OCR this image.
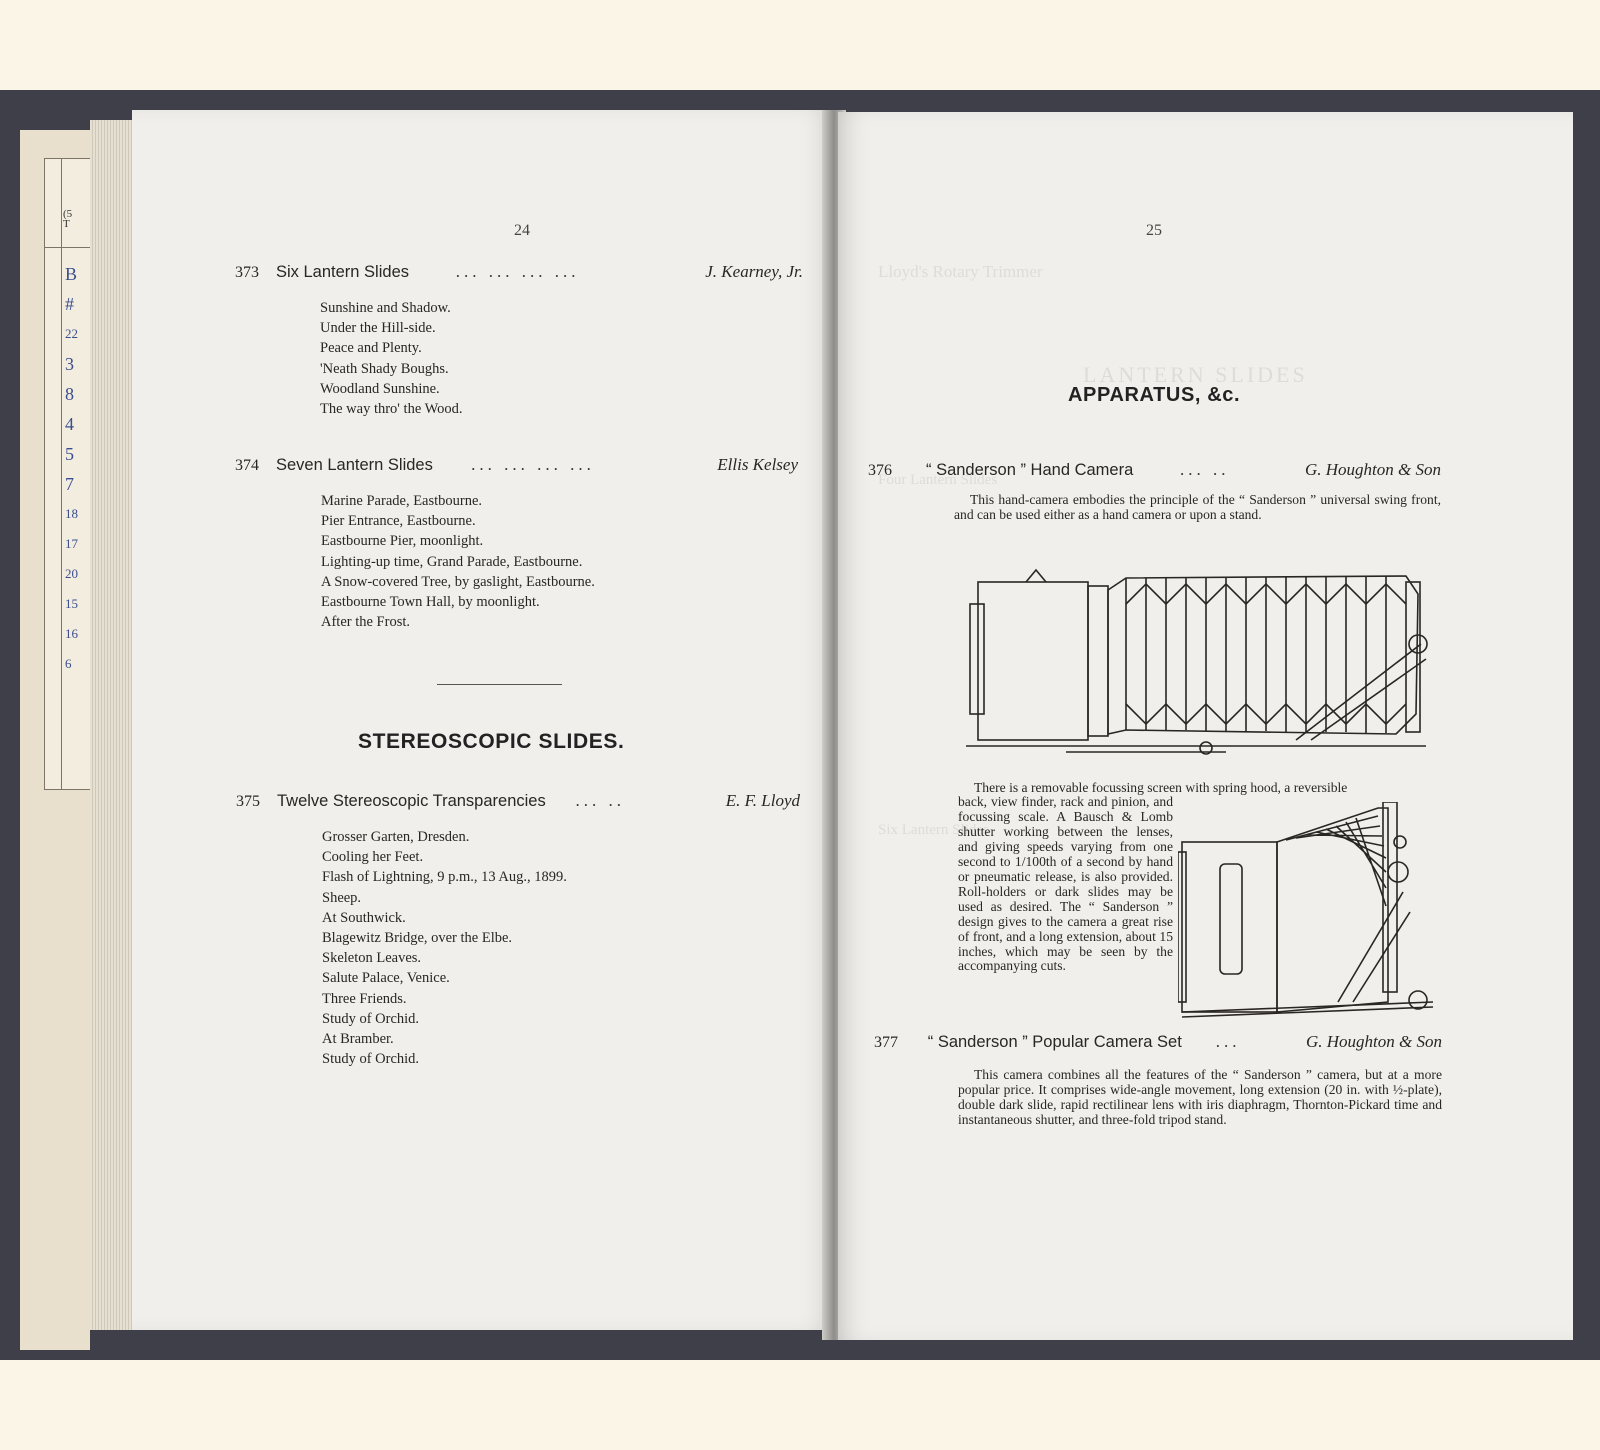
(5
T
B
#
22
3
8
4
5
7
18
17
20
15
16
6
24
373 Six Lantern Slides	... ... ... ...	J. Kearney, Jr.
Sunshine and Shadow.
Under the Hill-side.
Peace and Plenty.
'Neath Shady Boughs.
Woodland Sunshine.
The way thro' the Wood.
374 Seven Lantern Slides ... ... ... ...	Ellis Kelsey
Marine Parade, Eastbourne.
Pier Entrance, Eastbourne.
Eastbourne Pier, moonlight.
Lighting-up time, Grand Parade, Eastbourne.
A Snow-covered Tree, by gaslight, Eastbourne.
Eastbourne Town Hall, by moonlight.
After the Frost.
STEREOSCOPIC SLIDES.
375 Twelve Stereoscopic Transparencies ... ..	E. F. Lloyd
Grosser Garten, Dresden.
Cooling her Feet.
Flash of Lightning, 9 p.m., 13 Aug., 1899.
Sheep.
At Southwick.
Blagewitz Bridge, over the Elbe.
Skeleton Leaves.
Salute Palace, Venice.
Three Friends.
Study of Orchid.
At Bramber.
Study of Orchid.
Lloyd's Rotary Trimmer
LANTERN SLIDES
Four Lantern Slides
Six Lantern Slides
25
APPARATUS, &c.
376 “ Sanderson ” Hand Camera	... ..	G. Houghton & Son
This hand-camera embodies the principle of the “ Sanderson ” universal swing front, and can be used either as a hand camera or upon a stand.
There is a removable focussing screen with spring hood, a reversible
back, view finder, rack and pinion, and focussing scale. A Bausch & Lomb shutter working between the lenses, and giving speeds varying from one second to 1/100th of a second by hand or pneumatic release, is also provided. Roll-holders or dark slides may be used as desired. The “ Sanderson ” design gives to the camera a great rise of front, and a long extension, about 15 inches, which may be seen by the accompanying cuts.
377 “ Sanderson ” Popular Camera Set ...	G. Houghton & Son
This camera combines all the features of the “ Sanderson ” camera, but at a more popular price. It comprises wide-angle movement, long extension (20 in. with ½-plate), double dark slide, rapid rectilinear lens with iris diaphragm, Thornton-Pickard time and instantaneous shutter, and three-fold tripod stand.
